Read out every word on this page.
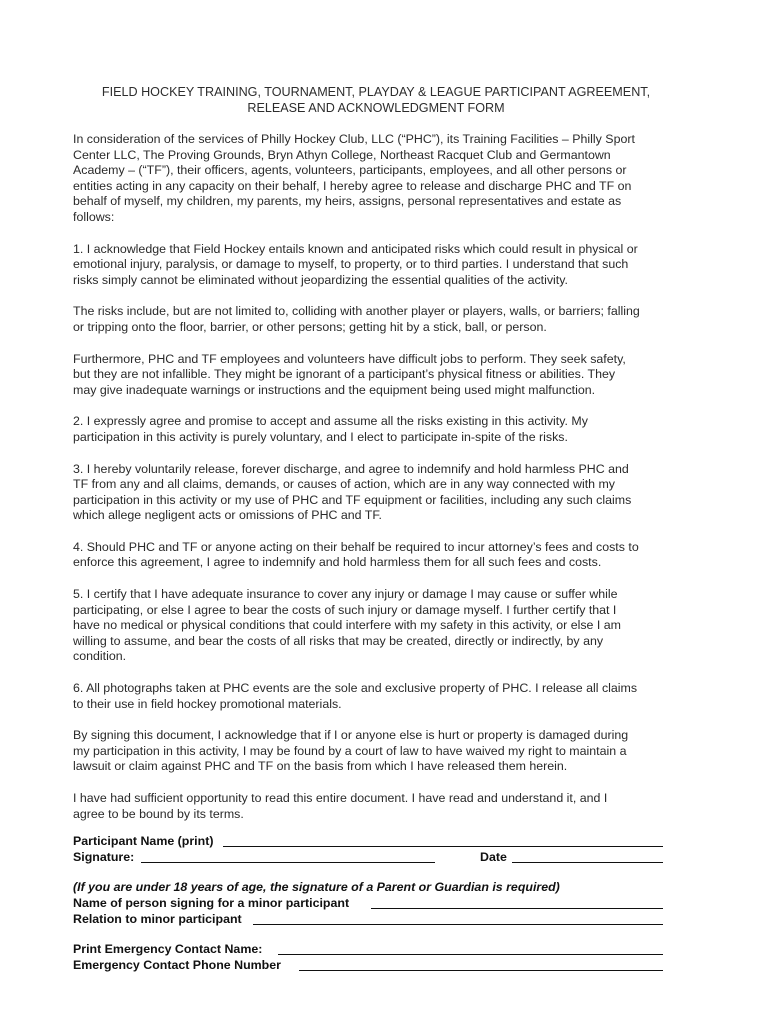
FIELD HOCKEY TRAINING, TOURNAMENT, PLAYDAY & LEAGUE PARTICIPANT AGREEMENT,
RELEASE AND ACKNOWLEDGMENT FORM

In consideration of the services of Philly Hockey Club, LLC (“PHC”), its Training Facilities – Philly Sport
Center LLC, The Proving Grounds, Bryn Athyn College, Northeast Racquet Club and Germantown
Academy – (“TF”), their officers, agents, volunteers, participants, employees, and all other persons or
entities acting in any capacity on their behalf, I hereby agree to release and discharge PHC and TF on
behalf of myself, my children, my parents, my heirs, assigns, personal representatives and estate as
follows:

1. I acknowledge that Field Hockey entails known and anticipated risks which could result in physical or
emotional injury, paralysis, or damage to myself, to property, or to third parties. I understand that such
risks simply cannot be eliminated without jeopardizing the essential qualities of the activity.

The risks include, but are not limited to, colliding with another player or players, walls, or barriers; falling
or tripping onto the floor, barrier, or other persons; getting hit by a stick, ball, or person.

Furthermore, PHC and TF employees and volunteers have difficult jobs to perform. They seek safety,
but they are not infallible. They might be ignorant of a participant’s physical fitness or abilities. They
may give inadequate warnings or instructions and the equipment being used might malfunction.

2. I expressly agree and promise to accept and assume all the risks existing in this activity. My
participation in this activity is purely voluntary, and I elect to participate in-spite of the risks.

3. I hereby voluntarily release, forever discharge, and agree to indemnify and hold harmless PHC and
TF from any and all claims, demands, or causes of action, which are in any way connected with my
participation in this activity or my use of PHC and TF equipment or facilities, including any such claims
which allege negligent acts or omissions of PHC and TF.

4. Should PHC and TF or anyone acting on their behalf be required to incur attorney’s fees and costs to
enforce this agreement, I agree to indemnify and hold harmless them for all such fees and costs.

5. I certify that I have adequate insurance to cover any injury or damage I may cause or suffer while
participating, or else I agree to bear the costs of such injury or damage myself. I further certify that I
have no medical or physical conditions that could interfere with my safety in this activity, or else I am
willing to assume, and bear the costs of all risks that may be created, directly or indirectly, by any
condition.

6. All photographs taken at PHC events are the sole and exclusive property of PHC. I release all claims
to their use in field hockey promotional materials.

By signing this document, I acknowledge that if I or anyone else is hurt or property is damaged during
my participation in this activity, I may be found by a court of law to have waived my right to maintain a
lawsuit or claim against PHC and TF on the basis from which I have released them herein.

I have had sufficient opportunity to read this entire document. I have read and understand it, and I
agree to be bound by its terms.

Participant Name (print)
Signature:	Date
(If you are under 18 years of age, the signature of a Parent or Guardian is required)
Name of person signing for a minor participant
Relation to minor participant
Print Emergency Contact Name:
Emergency Contact Phone Number
